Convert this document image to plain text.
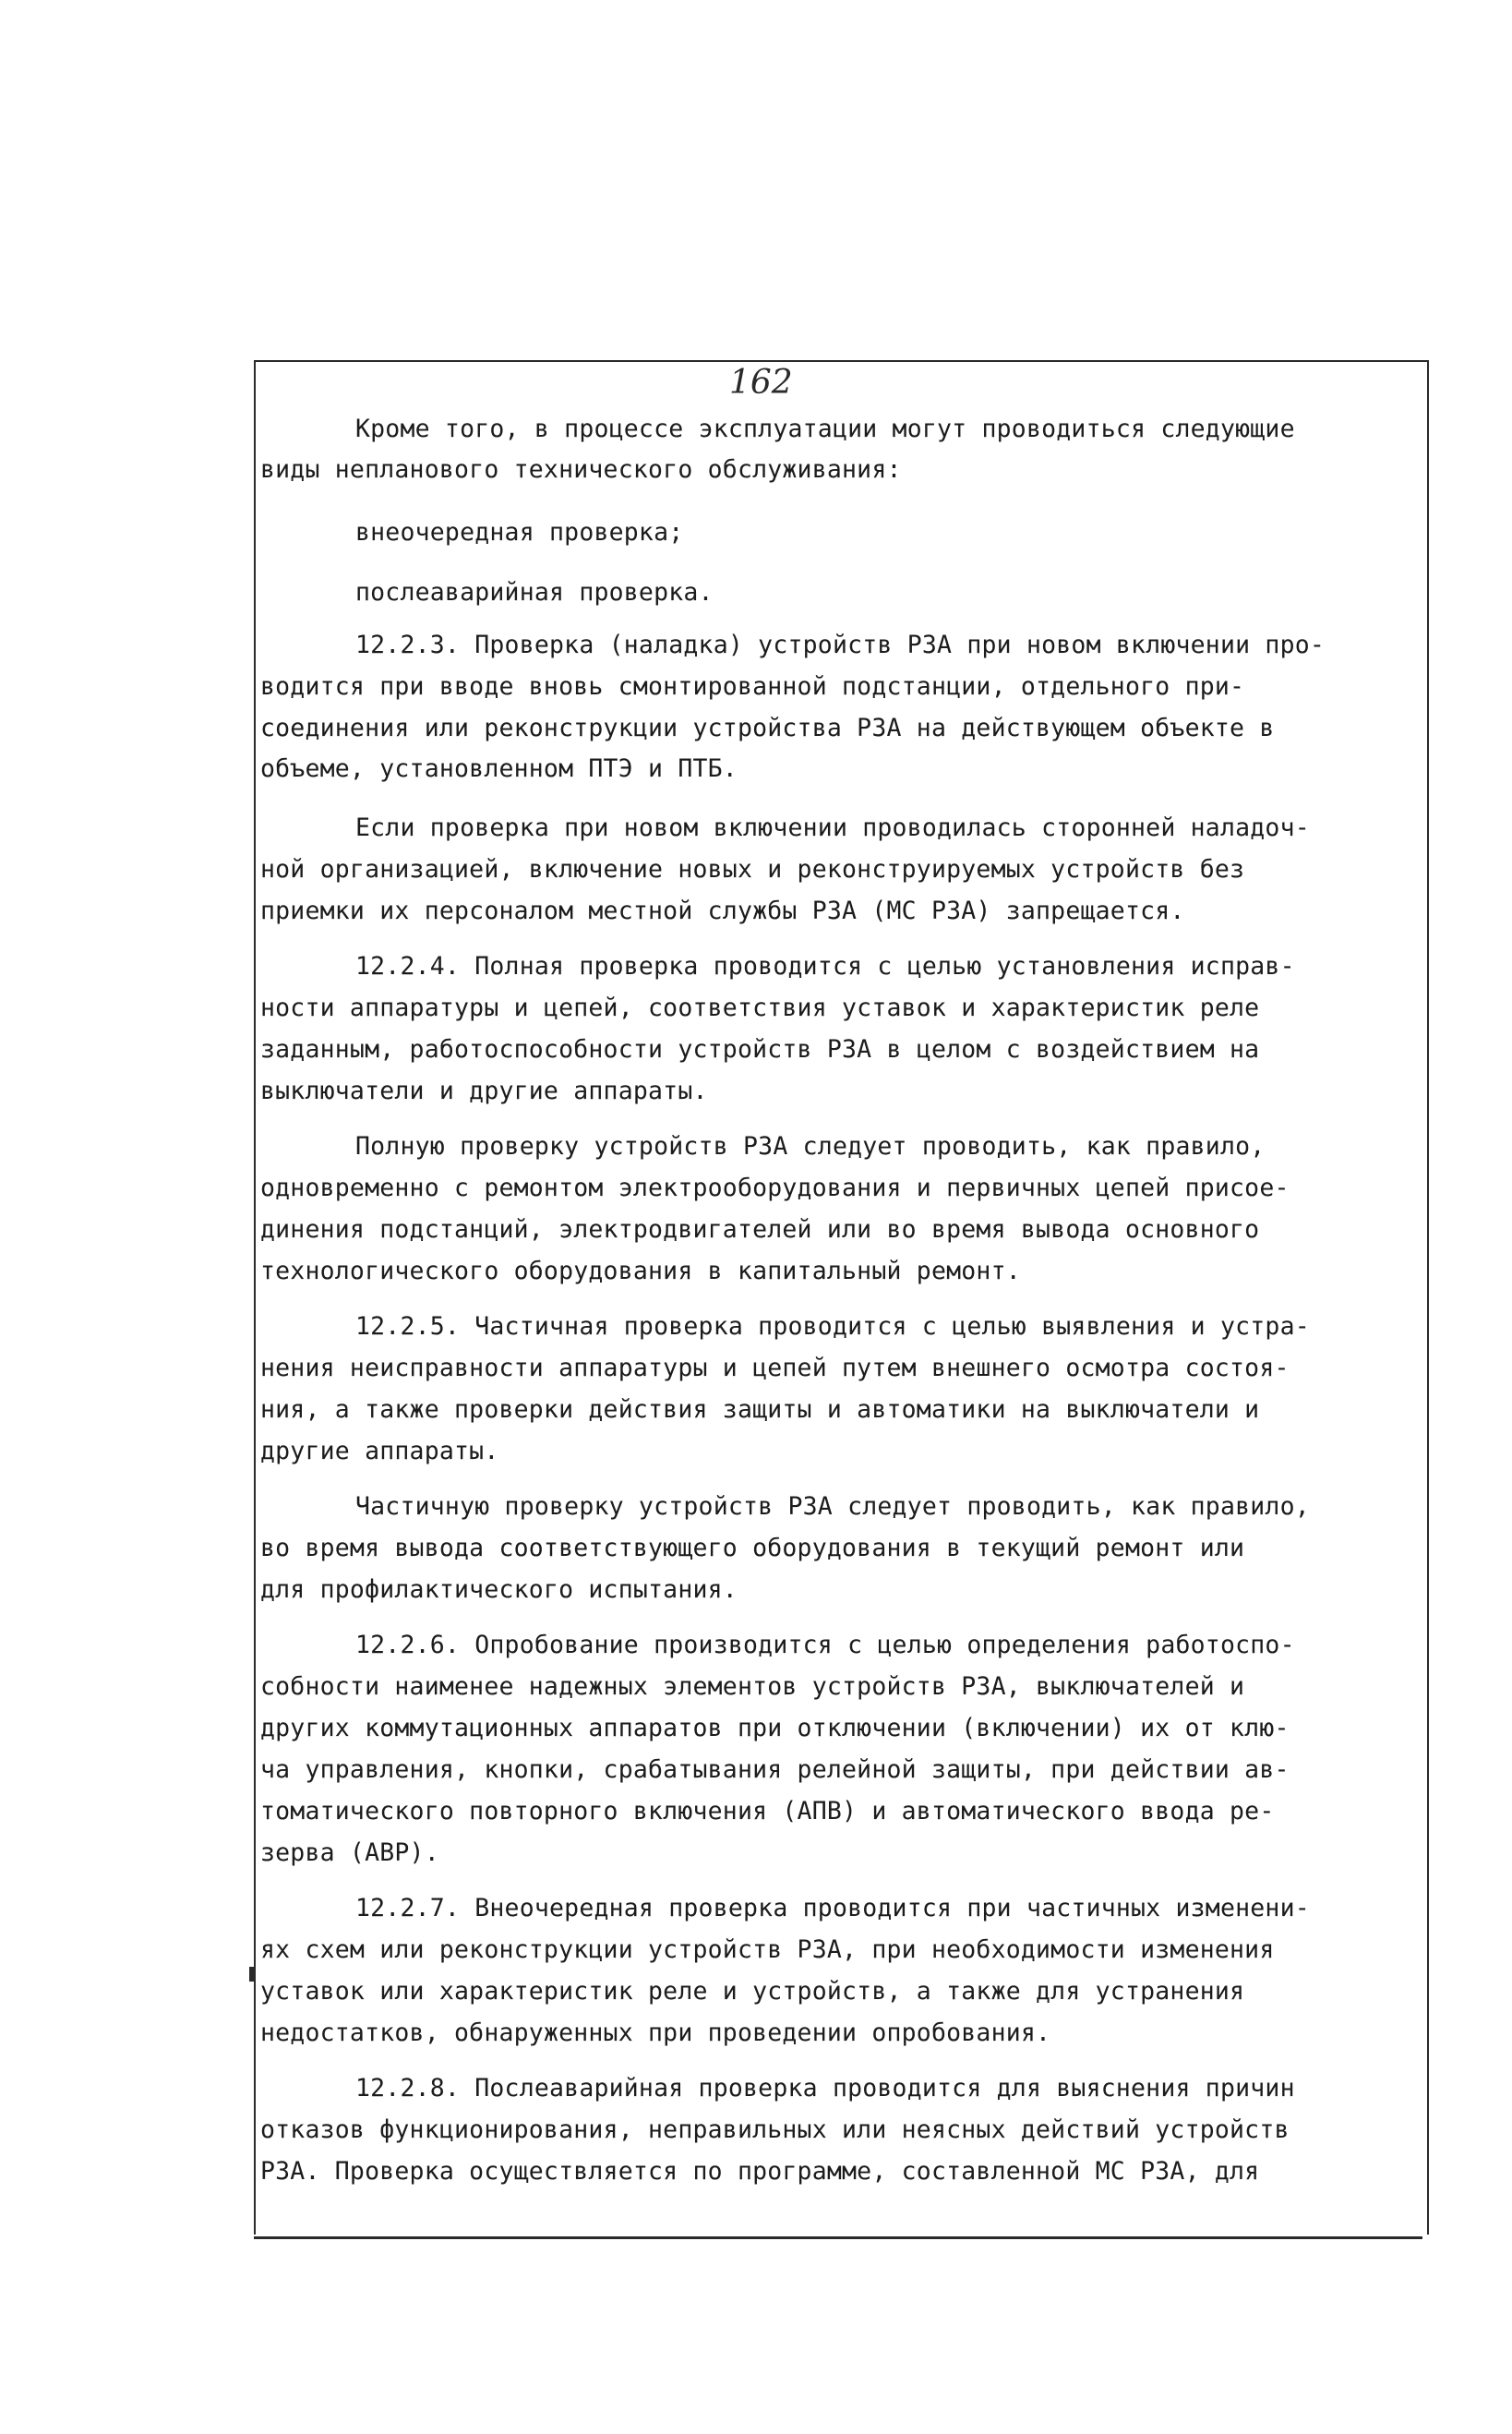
162
Кроме того, в процессе эксплуатации могут проводиться следующие
виды непланового технического обслуживания:
внеочередная проверка;
послеаварийная проверка.
12.2.3. Проверка (наладка) устройств РЗА при новом включении про-
водится при вводе вновь смонтированной подстанции, отдельного при-
соединения или реконструкции устройства РЗА на действующем объекте в
объеме, установленном ПТЭ и ПТБ.
Если проверка при новом включении проводилась сторонней наладоч-
ной организацией, включение новых и реконструируемых устройств без
приемки их персоналом местной службы РЗА (МС РЗА) запрещается.
12.2.4. Полная проверка проводится с целью установления исправ-
ности аппаратуры и цепей, соответствия уставок и характеристик реле
заданным, работоспособности устройств РЗА в целом с воздействием на
выключатели и другие аппараты.
Полную проверку устройств РЗА следует проводить, как правило,
одновременно с ремонтом электрооборудования и первичных цепей присое-
динения подстанций, электродвигателей или во время вывода основного
технологического оборудования в капитальный ремонт.
12.2.5. Частичная проверка проводится с целью выявления и устра-
нения неисправности аппаратуры и цепей путем внешнего осмотра состоя-
ния, а также проверки действия защиты и автоматики на выключатели и
другие аппараты.
Частичную проверку устройств РЗА следует проводить, как правило,
во время вывода соответствующего оборудования в текущий ремонт или
для профилактического испытания.
12.2.6. Опробование производится с целью определения работоспо-
собности наименее надежных элементов устройств РЗА, выключателей и
других коммутационных аппаратов при отключении (включении) их от клю-
ча управления, кнопки, срабатывания релейной защиты, при действии ав-
томатического повторного включения (АПВ) и автоматического ввода ре-
зерва (АВР).
12.2.7. Внеочередная проверка проводится при частичных изменени-
ях схем или реконструкции устройств РЗА, при необходимости изменения
уставок или характеристик реле и устройств, а также для устранения
недостатков, обнаруженных при проведении опробования.
12.2.8. Послеаварийная проверка проводится для выяснения причин
отказов функционирования, неправильных или неясных действий устройств
РЗА. Проверка осуществляется по программе, составленной МС РЗА, для
